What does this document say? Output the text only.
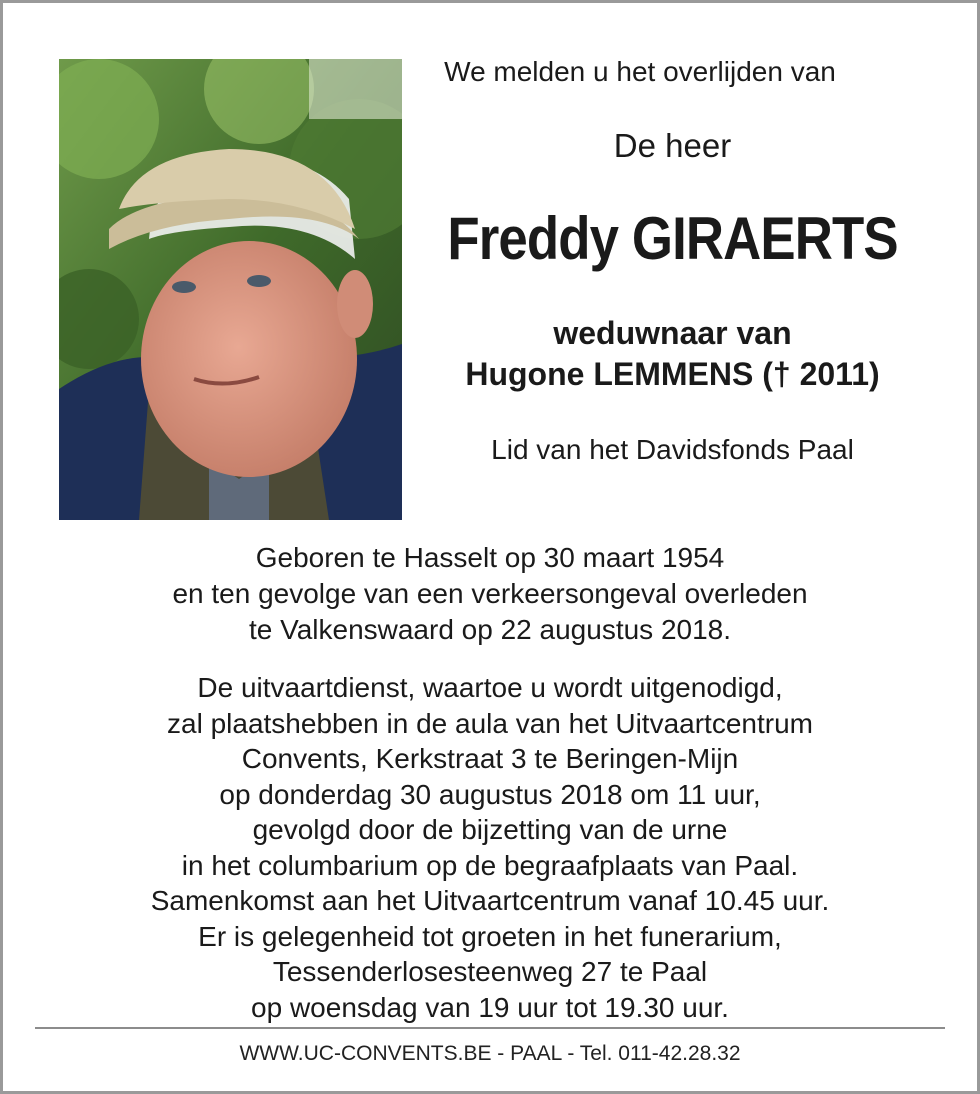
We melden u het overlijden van
De heer
Freddy GIRAERTS
weduwnaar van
Hugone LEMMENS († 2011)
Lid van het Davidsfonds Paal
Geboren te Hasselt op 30 maart 1954
en ten gevolge van een verkeersongeval overleden
te Valkenswaard op 22 augustus 2018.
De uitvaartdienst, waartoe u wordt uitgenodigd,
zal plaatshebben in de aula van het Uitvaartcentrum
Convents, Kerkstraat 3 te Beringen-Mijn
op donderdag 30 augustus 2018 om 11 uur,
gevolgd door de bijzetting van de urne
in het columbarium op de begraafplaats van Paal.
Samenkomst aan het Uitvaartcentrum vanaf 10.45 uur.
Er is gelegenheid tot groeten in het funerarium,
Tessenderlosesteenweg 27 te Paal
op woensdag van 19 uur tot 19.30 uur.
WWW.UC-CONVENTS.BE - PAAL - Tel. 011-42.28.32
